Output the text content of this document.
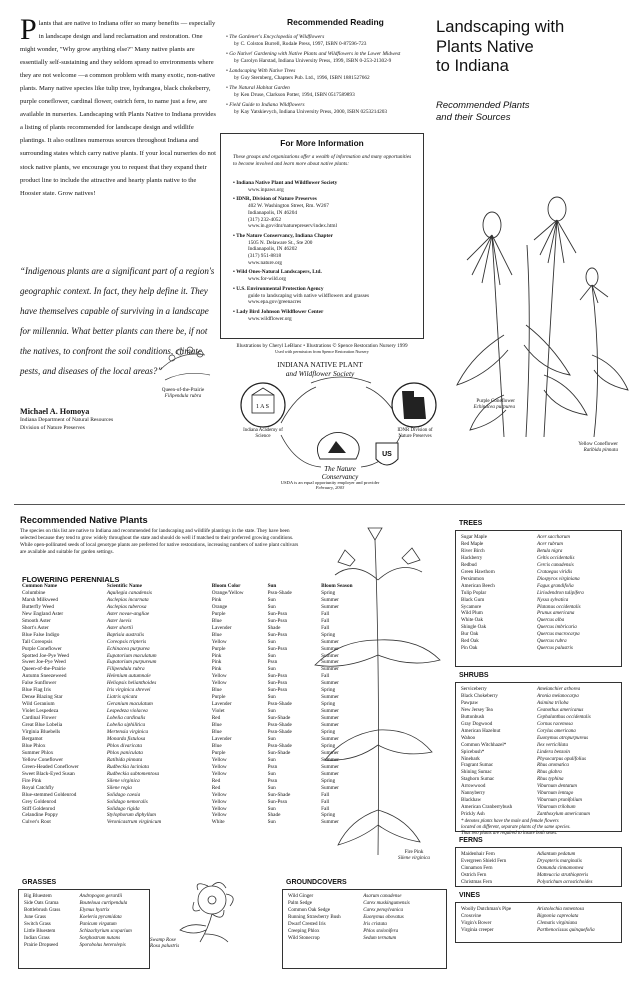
Plants that are native to Indiana offer so many benefits — especially in landscape design and land reclamation and restoration. One might wonder, "Why grow anything else?" Many native plants are essentially self-sustaining and they seldom spread to environments where they are not welcome —a common problem with many exotic, non-native plants. Many native species like tulip tree, hydrangea, black chokeberry, purple coneflower, cardinal flower, ostrich fern, to name just a few, are available in nurseries. Landscaping with Plants Native to Indiana provides a listing of plants recommended for landscape design and wildlife plantings. It also outlines numerous sources throughout Indiana and surrounding states which carry native plants. If your local nurseries do not stock native plants, we encourage you to request that they expand their product line to include the attractive and hearty plants native to the Hoosier state. Grow natives!
“Indigenous plants are a significant part of a region's geographic context. In fact, they help define it. They have themselves capable of surviving in a landscape for millennia. What better plants can there be, if not the natives, to confront the soil conditions, climate, pests, and diseases of the local areas?”
Michael A. Homoya
Indiana Department of Natural Resources
Division of Nature Preserves
Recommended Reading
• The Gardener's Encyclopedia of Wildflowers
by C. Colston Burrell, Rodale Press, 1997, ISBN 0-87596-723
• Go Native! Gardening with Native Plants and Wildflowers in the Lower Midwest
by Carolyn Harstad, Indiana University Press, 1999, ISBN 0-253-21302-9
• Landscaping With Native Trees
by Guy Sternberg, Chapters Pub. Ltd., 1996, ISBN 1881527662
• The Natural Habitat Garden
by Ken Druse, Clarkson Potter, 1994, ISBN 0517589893
• Field Guide to Indiana Wildflowers
by Kay Yatskievych, Indiana University Press, 2000, ISBN 0253214203
For More Information
These groups and organizations offer a wealth of information and many opportunities to become involved and learn more about native plants:
• Indiana Native Plant and Wildflower Society
www.inpaws.org
• IDNR, Division of Nature Preserves
402 W. Washington Street, Rm. W267
Indianapolis, IN 46204
(317) 232-4052
www.in.gov/dnr/naturepreserv/index.html
• The Nature Conservancy, Indiana Chapter
1505 N. Delaware St., Ste 200
Indianapolis, IN 46202
(317) 951-8818
www.nature.org
• Wild Ones-Natural Landscapers, Ltd.
www.for-wild.org
• U.S. Environmental Protection Agency
guide to landscaping with native wildflowers and grasses
www.epa.gov/greenacres
• Lady Bird Johnson Wildflower Center
www.wildflower.org
Illustrations by Cheryl LeBlanc • Illustrations © Spence Restoration Nursery 1999
Used with permission from Spence Restoration Nursery
INDIANA NATIVE PLANT
and Wildflower Society
1 A S
The Nature
Conservancy
US
Indiana Academy of Science
IDNR Division of Nature Preserves
USDA is an equal opportunity employer and provider
February, 2003
Landscaping with
Plants Native
to Indiana
Recommended Plants
and their Sources
Queen-of-the-Prairie
Filipendula rubra
Purple Coneflower
Echinacea purpurea
Yellow Coneflower
Ratibida pinnata
Recommended Native Plants
The species on this list are native to Indiana and recommended for landscaping and wildlife plantings in the state. They have been selected because they tend to grow widely throughout the state and should do well if matched to their preferred growing conditions. While open-pollinated seeds of local genotype plants are preferred for native restorations, increasing numbers of native plant cultivars are available and suitable for garden settings.
FLOWERING PERENNIALS
Common Name	Scientific Name	Bloom Color	Sun	Bloom Season
Columbine	Aquilegia canadensis	Orange/Yellow	Pssn-Shade	Spring
Marsh Milkweed	Asclepias incarnata	Pink	Sun	Summer
Butterfly Weed	Asclepias tuberosa	Orange	Sun	Summer
New England Aster	Aster novae-angliae	Purple	Sun-Pssn	Fall
Smooth Aster	Aster laevis	Blue	Sun-Pssn	Fall
Short's Aster	Aster shortii	Lavender	Shade	Fall
Blue False Indigo	Baptisia australis	Blue	Sun-Pssn	Spring
Tall Coreopsis	Coreopsis tripteris	Yellow	Sun	Summer
Purple Coneflower	Echinacea purpurea	Purple	Sun-Pssn	Summer
Spotted Joe-Pye Weed	Eupatorium maculatum	Pink	Sun	Summer
Sweet Joe-Pye Weed	Eupatorium purpureum	Pink	Pssn	Summer
Queen-of-the-Prairie	Filipendula rubra	Pink	Sun	Summer
Autumn Sneezeweed	Helenium autumnale	Yellow	Sun-Pssn	Fall
False Sunflower	Heliopsis helianthoides	Yellow	Sun-Pssn	Summer
Blue Flag Iris	Iris virginica shrevei	Blue	Sun-Pssn	Spring
Dense Blazing Star	Liatris spicata	Purple	Sun	Summer
Wild Geranium	Geranium maculatum	Lavender	Pssn-Shade	Spring
Violet Lespedeza	Lespedeza violacea	Violet	Sun	Summer
Cardinal Flower	Lobelia cardinalis	Red	Sun-Shade	Summer
Great Blue Lobelia	Lobelia siphilitica	Blue	Pssn-Shade	Summer
Virginia Bluebells	Mertensia virginica	Blue	Pssn-Shade	Spring
Bergamot	Monarda fistulosa	Lavender	Sun	Summer
Blue Phlox	Phlox divaricata	Blue	Pssn-Shade	Spring
Summer Phlox	Phlox paniculata	Purple	Sun-Shade	Summer
Yellow Coneflower	Ratibida pinnata	Yellow	Sun	Summer
Green-Headed Coneflower	Rudbeckia laciniata	Yellow	Pssn	Summer
Sweet Black-Eyed Susan	Rudbeckia subtomentosa	Yellow	Sun	Summer
Fire Pink	Silene virginica	Red	Pssn	Spring
Royal Catchfly	Silene regia	Red	Sun	Summer
Blue-stemmed Goldenrod	Solidago caesia	Yellow	Sun-Shade	Fall
Grey Goldenrod	Solidago nemoralis	Yellow	Sun-Pssn	Fall
Stiff Goldenrod	Solidago rigida	Yellow	Sun	Fall
Celandine Poppy	Stylophorum diphyllum	Yellow	Shade	Spring
Culver's Root	Veronicastrum virginicum	White	Sun	Summer
Fire Pink
Silene virginica
Swamp Rose
Rosa palustris
TREES
Sugar Maple	Acer saccharum
Red Maple	Acer rubrum
River Birch	Betula nigra
Hackberry	Celtis occidentalis
Redbud	Cercis canadensis
Green Hawthorn	Crataegus viridis
Persimmon	Diospyros virginiana
American Beech	Fagus grandifolia
Tulip Poplar	Liriodendron tulipifera
Black Gum	Nyssa sylvatica
Sycamore	Platanus occidentalis
Wild Plum	Prunus americana
White Oak	Quercus alba
Shingle Oak	Quercus imbricaria
Bur Oak	Quercus macrocarpa
Red Oak	Quercus rubra
Pin Oak	Quercus palustris
SHRUBS
Serviceberry	Amelanchier arborea
Black Chokeberry	Aronia melanocarpa
Pawpaw	Asimina triloba
New Jersey Tea	Ceanothus americanus
Buttonbush	Cephalanthus occidentalis
Gray Dogwood	Cornus racemosa
American Hazelnut	Corylus americana
Wahoo	Euonymus atropurpureus
Common Witchhazel*	Ilex verticillata
Spicebush*	Lindera benzoin
Ninebark	Physocarpus opulifolius
Fragrant Sumac	Rhus aromatica
Shining Sumac	Rhus glabra
Staghorn Sumac	Rhus typhina
Arrowwood	Viburnum dentatum
Nannyberry	Viburnum lentago
Blackhaw	Viburnum prunifolium
American Cranberrybush	Viburnum trilobum
Prickly Ash	Zanthoxylum americanum
* denotes plants have the male and female flowers
located on different, separate plants of the same species.
Thus two plants are required to insure both sexes.
FERNS
Maidenhair Fern	Adiantum pedatum
Evergreen Shield Fern	Dryopteris marginalis
Cinnamon Fern	Osmunda cinnamomea
Ostrich Fern	Matteuccia struthiopteris
Christmas Fern	Polystichum acrostichoides
VINES
Woolly Dutchman's Pipe	Aristolochia tomentosa
Crossvine	Bignonia capreolata
Virgin's Bower	Clematis virginiana
Virginia creeper	Parthenocissus quinquefolia
GRASSES
Big Bluestem	Andropogon gerardii
Side Oats Grama	Bouteloua curtipendula
Bottlebrush Grass	Elymus hystrix
June Grass	Koeleria pyramidata
Switch Grass	Panicum virgatum
Little Bluestem	Schizachyrium scoparium
Indian Grass	Sorghastrum nutans
Prairie Dropseed	Sporobolus heterolepis
GROUNDCOVERS
Wild Ginger	Asarum canadense
Palm Sedge	Carex muskingumensis
Common Oak Sedge	Carex pensylvanica
Running Strawberry Bush	Euonymus obovatus
Dwarf Crested Iris	Iris cristata
Creeping Phlox	Phlox stolonifera
Wild Stonecrop	Sedum ternatum
